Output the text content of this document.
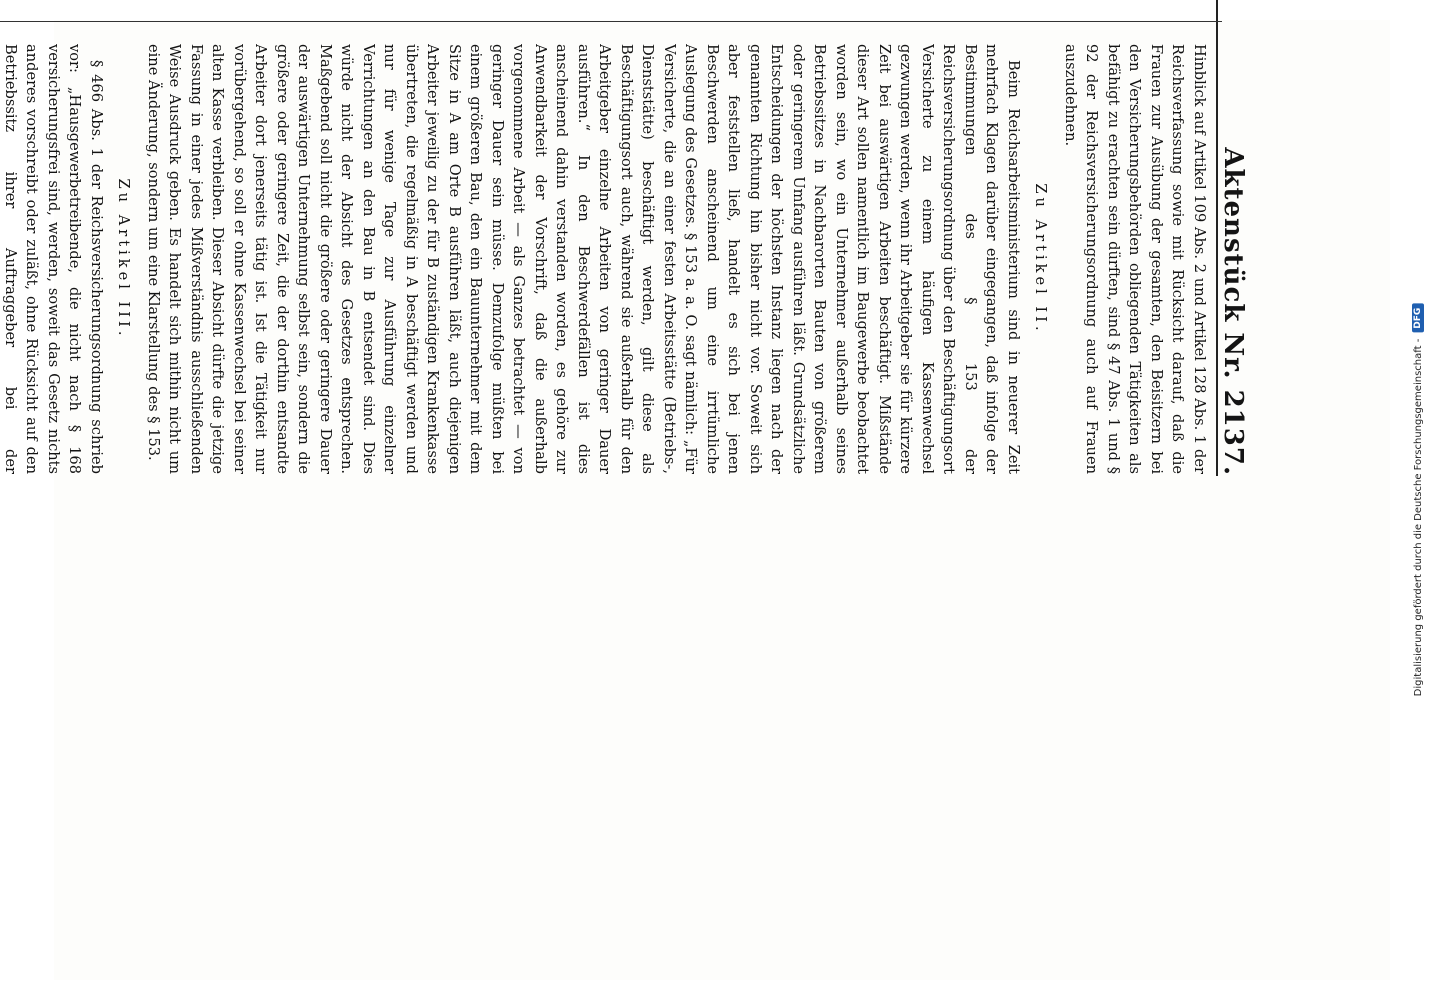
Aktenstück Nr. 2137.

Hinblick auf Artikel 109 Abs. 2 und Artikel 128 Abs. 1 der Reichsverfassung sowie mit Rücksicht darauf, daß die Frauen zur Ausübung der gesamten, den Beisitzern bei den Versicherungsbehörden obliegenden Tätigkeiten als befähigt zu erachten sein dürften, sind § 47 Abs. 1 und § 92 der Reichsversicherungsordnung auch auf Frauen auszudehnen.

Zu Artikel II.

Beim Reichsarbeitsministerium sind in neuerer Zeit mehrfach Klagen darüber eingegangen, daß infolge der Bestimmungen des § 153 der Reichsversicherungsordnung über den Beschäftigungsort Versicherte zu einem häufigen Kassenwechsel gezwungen werden, wenn ihr Arbeitgeber sie für kürzere Zeit bei auswärtigen Arbeiten beschäftigt. Mißstände dieser Art sollen namentlich im Baugewerbe beobachtet worden sein, wo ein Unternehmer außerhalb seines Betriebssitzes in Nachbarorten Bauten von größerem oder geringerem Umfang ausführen läßt. Grundsätzliche Entscheidungen der höchsten Instanz liegen nach der genannten Richtung hin bisher nicht vor. Soweit sich aber feststellen ließ, handelt es sich bei jenen Beschwerden anscheinend um eine irrtümliche Auslegung des Gesetzes. § 153 a. a. O. sagt nämlich: „Für Versicherte, die an einer festen Arbeitsstätte (Betriebs-, Dienststätte) beschäftigt werden, gilt diese als Beschäftigungsort auch, während sie außerhalb für den Arbeitgeber einzelne Arbeiten von geringer Dauer ausführen.“ In den Beschwerdefällen ist dies anscheinend dahin verstanden worden, es gehöre zur Anwendbarkeit der Vorschrift, daß die außerhalb vorgenommene Arbeit — als Ganzes betrachtet — von geringer Dauer sein müsse. Demzufolge müßten bei einem größeren Bau, den ein Bauunternehmer mit dem Sitze in A am Orte B ausführen läßt, auch diejenigen Arbeiter jeweilig zu der für B zuständigen Krankenkasse übertreten, die regelmäßig in A beschäftigt werden und nur für wenige Tage zur Ausführung einzelner Verrichtungen an den Bau in B entsendet sind. Dies würde nicht der Absicht des Gesetzes entsprechen. Maßgebend soll nicht die größere oder geringere Dauer der auswärtigen Unternehmung selbst sein, sondern die größere oder geringere Zeit, die der dorthin entsandte Arbeiter dort jenerseits tätig ist. Ist die Tätigkeit nur vorübergehend, so soll er ohne Kassenwechsel bei seiner alten Kasse verbleiben. Dieser Absicht dürfte die jetzige Fassung in einer jedes Mißverständnis ausschließenden Weise Ausdruck geben. Es handelt sich mithin nicht um eine Änderung, sondern um eine Klarstellung des § 153.

Zu Artikel III.

§ 466 Abs. 1 der Reichsversicherungsordnung schrieb vor: „Hausgewerbetreibende, die nicht nach § 168 versicherungsfrei sind, werden, soweit das Gesetz nichts anderes vorschreibt oder zuläßt, ohne Rücksicht auf den Betriebssitz ihrer Auftraggeber bei der	Digitalisierung gefördert durch die Deutsche Forschungsgemeinschaft -
DFG
